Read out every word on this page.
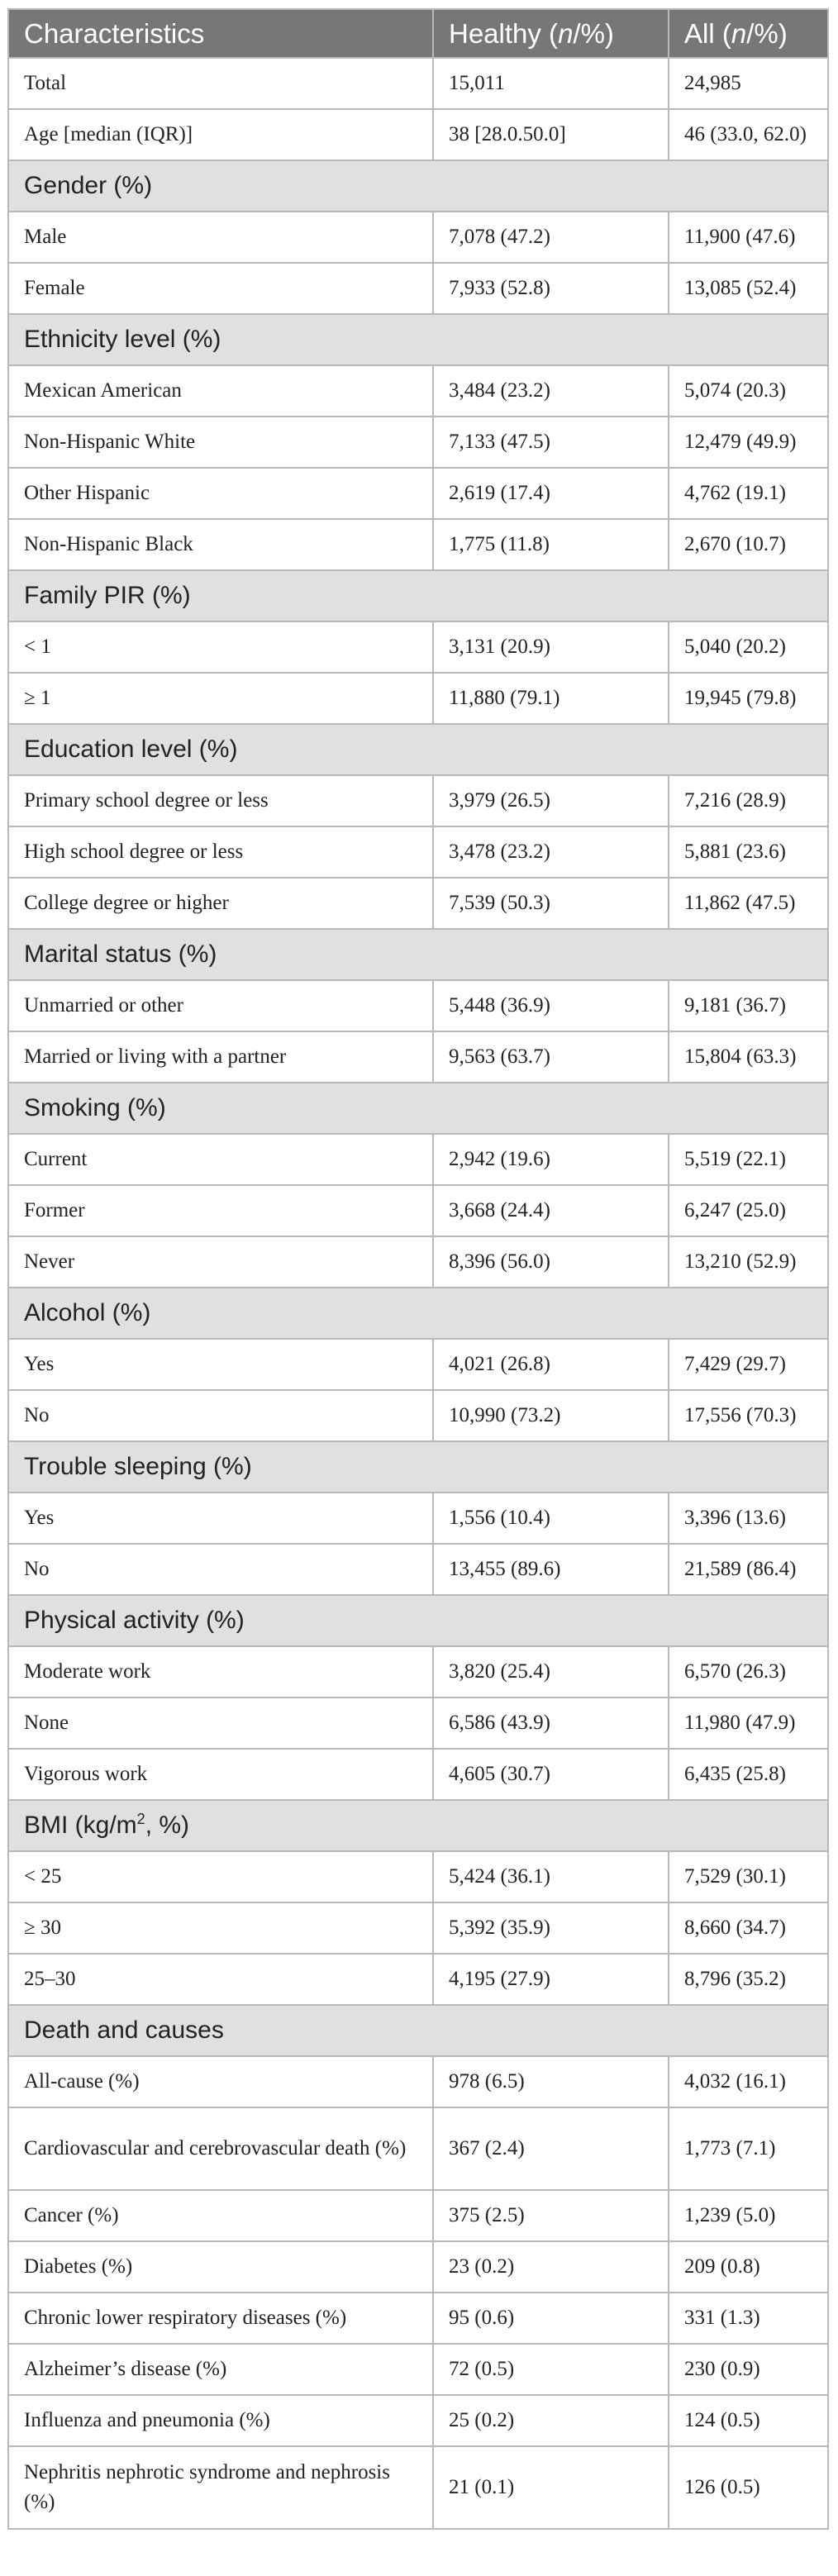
Characteristics	Healthy (n/%)	All (n/%)
Total	15,011	24,985
Age [median (IQR)]	38 [28.0.50.0]	46 (33.0, 62.0)
Gender (%)		
Male	7,078 (47.2)	11,900 (47.6)
Female	7,933 (52.8)	13,085 (52.4)
Ethnicity level (%)		
Mexican American	3,484 (23.2)	5,074 (20.3)
Non-Hispanic White	7,133 (47.5)	12,479 (49.9)
Other Hispanic	2,619 (17.4)	4,762 (19.1)
Non-Hispanic Black	1,775 (11.8)	2,670 (10.7)
Family PIR (%)		
< 1	3,131 (20.9)	5,040 (20.2)
≥ 1	11,880 (79.1)	19,945 (79.8)
Education level (%)		
Primary school degree or less	3,979 (26.5)	7,216 (28.9)
High school degree or less	3,478 (23.2)	5,881 (23.6)
College degree or higher	7,539 (50.3)	11,862 (47.5)
Marital status (%)		
Unmarried or other	5,448 (36.9)	9,181 (36.7)
Married or living with a partner	9,563 (63.7)	15,804 (63.3)
Smoking (%)		
Current	2,942 (19.6)	5,519 (22.1)
Former	3,668 (24.4)	6,247 (25.0)
Never	8,396 (56.0)	13,210 (52.9)
Alcohol (%)		
Yes	4,021 (26.8)	7,429 (29.7)
No	10,990 (73.2)	17,556 (70.3)
Trouble sleeping (%)		
Yes	1,556 (10.4)	3,396 (13.6)
No	13,455 (89.6)	21,589 (86.4)
Physical activity (%)		
Moderate work	3,820 (25.4)	6,570 (26.3)
None	6,586 (43.9)	11,980 (47.9)
Vigorous work	4,605 (30.7)	6,435 (25.8)
BMI ($kg/m^2$, %)		
< 25	5,424 (36.1)	7,529 (30.1)
≥ 30	5,392 (35.9)	8,660 (34.7)
25–30	4,195 (27.9)	8,796 (35.2)
Death and causes		
All-cause (%)	978 (6.5)	4,032 (16.1)
Cardiovascular and cerebrovascular death (%)	367 (2.4)	1,773 (7.1)
Cancer (%)	375 (2.5)	1,239 (5.0)
Diabetes (%)	23 (0.2)	209 (0.8)
Chronic lower respiratory diseases (%)	95 (0.6)	331 (1.3)
Alzheimer’s disease (%)	72 (0.5)	230 (0.9)
Influenza and pneumonia (%)	25 (0.2)	124 (0.5)
Nephritis nephrotic syndrome and nephrosis (%)	21 (0.1)	126 (0.5)
